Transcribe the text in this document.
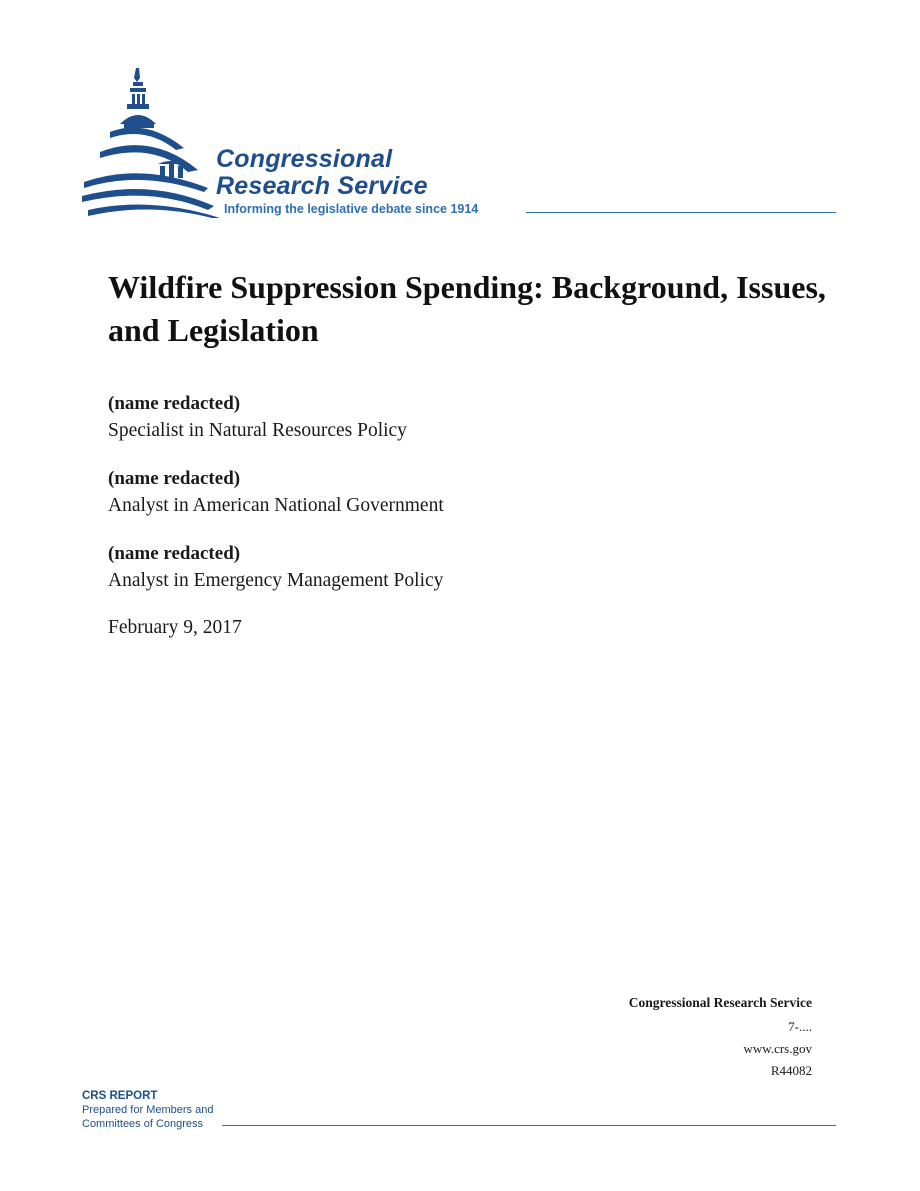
Congressional
Research Service
Informing the legislative debate since 1914
Wildfire Suppression Spending: Background, Issues, and Legislation
(name redacted)
Specialist in Natural Resources Policy
(name redacted)
Analyst in American National Government
(name redacted)
Analyst in Emergency Management Policy
February 9, 2017
Congressional Research Service
7-....
www.crs.gov
R44082
CRS REPORT
Prepared for Members and
Committees of Congress
